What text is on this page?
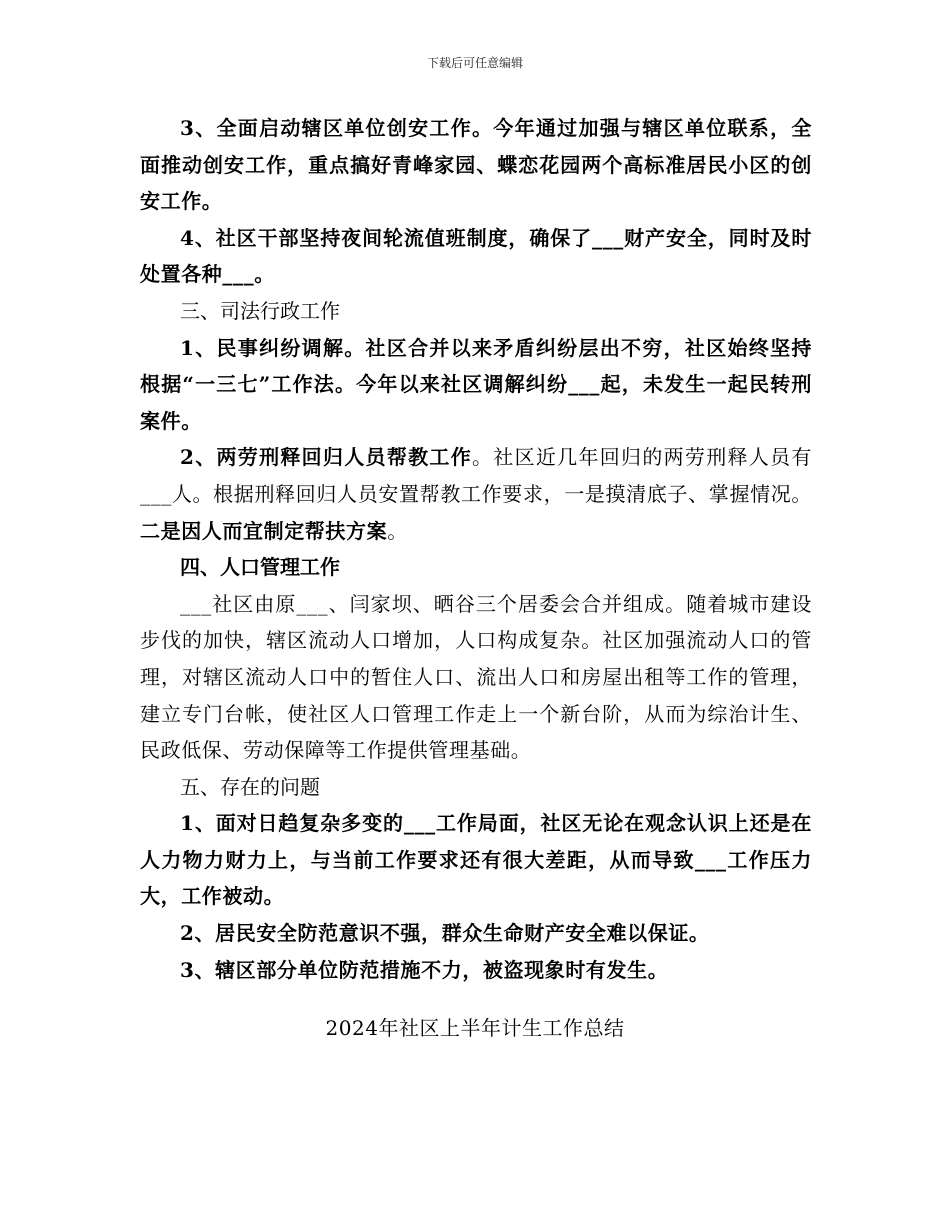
下载后可任意编辑

3、全面启动辖区单位创安工作。今年通过加强与辖区单位联系，全面推动创安工作，重点搞好青峰家园、蝶恋花园两个高标准居民小区的创安工作。

4、社区干部坚持夜间轮流值班制度，确保了___财产安全，同时及时处置各种___。

三、司法行政工作

1、民事纠纷调解。社区合并以来矛盾纠纷层出不穷，社区始终坚持根据“一三七”工作法。今年以来社区调解纠纷___起，未发生一起民转刑案件。

2、两劳刑释回归人员帮教工作。社区近几年回归的两劳刑释人员有___人。根据刑释回归人员安置帮教工作要求，一是摸清底子、掌握情况。二是因人而宜制定帮扶方案。

四、人口管理工作

___社区由原___、闫家坝、晒谷三个居委会合并组成。随着城市建设步伐的加快，辖区流动人口增加，人口构成复杂。社区加强流动人口的管理，对辖区流动人口中的暂住人口、流出人口和房屋出租等工作的管理，建立专门台帐，使社区人口管理工作走上一个新台阶，从而为综治计生、民政低保、劳动保障等工作提供管理基础。

五、存在的问题

1、面对日趋复杂多变的___工作局面，社区无论在观念认识上还是在人力物力财力上，与当前工作要求还有很大差距，从而导致___工作压力大，工作被动。

2、居民安全防范意识不强，群众生命财产安全难以保证。

3、辖区部分单位防范措施不力，被盗现象时有发生。

2024年社区上半年计生工作总结
